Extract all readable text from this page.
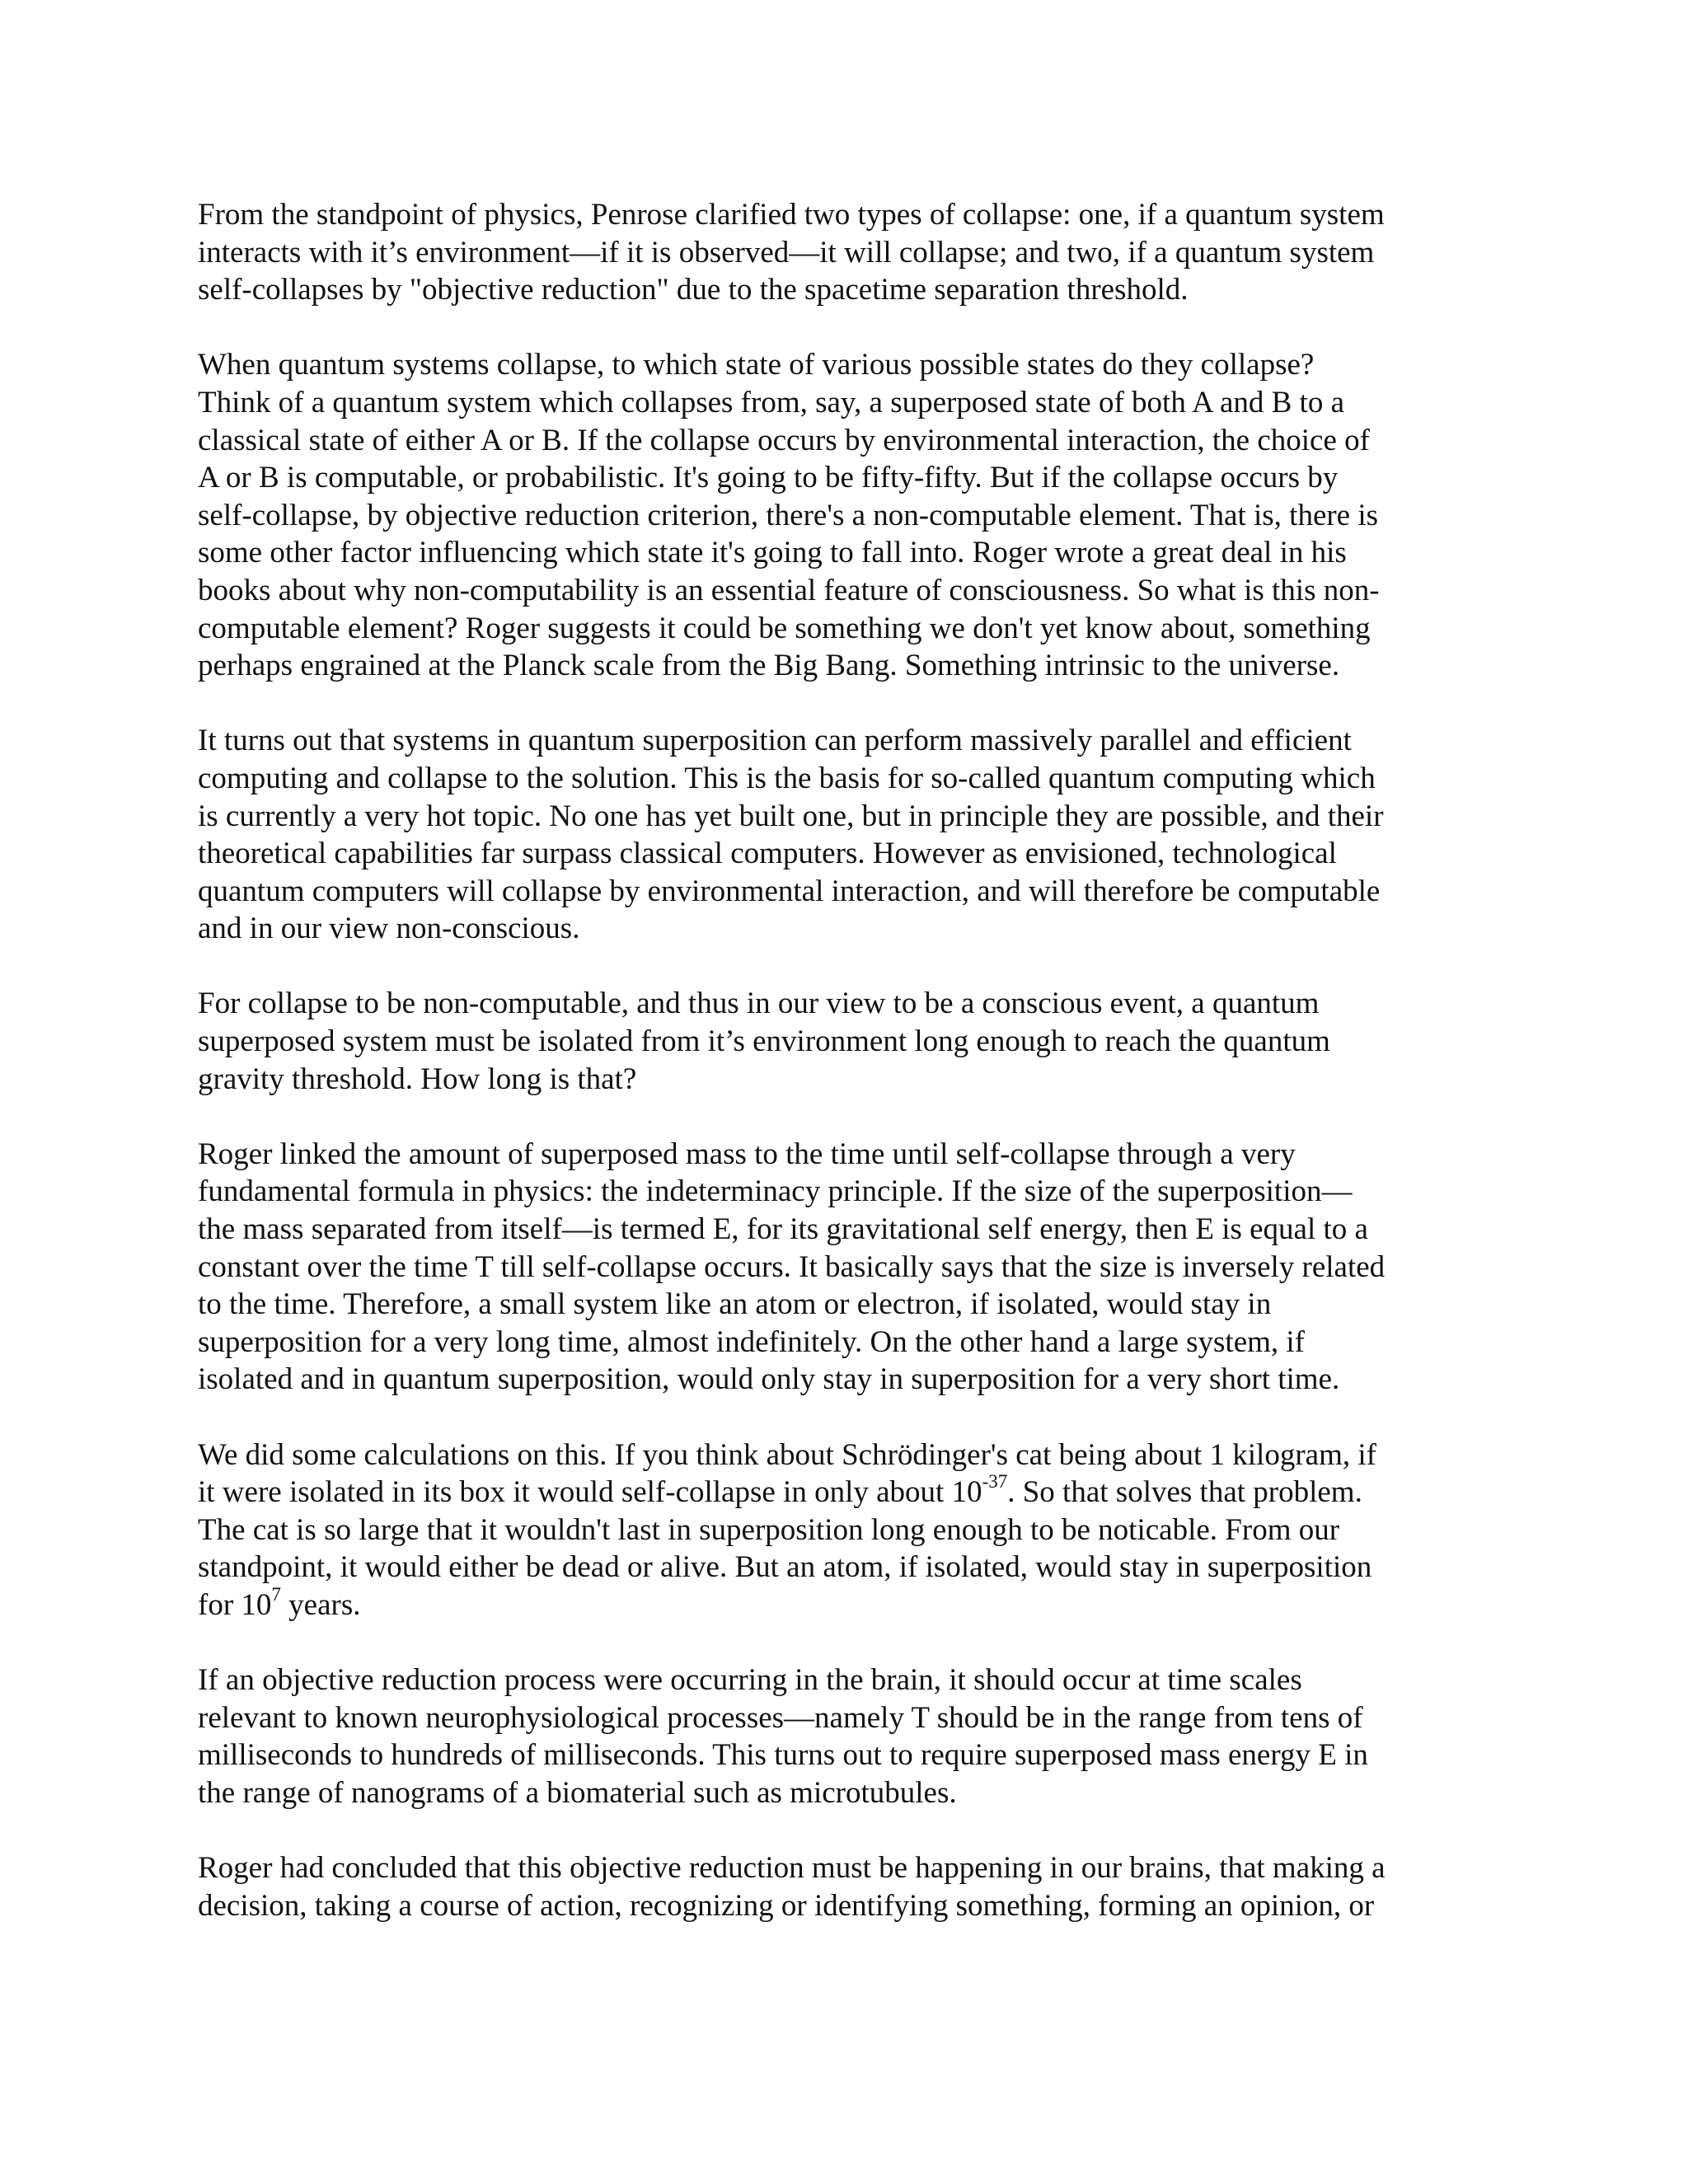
From the standpoint of physics, Penrose clarified two types of collapse: one, if a quantum system
interacts with it’s environment—if it is observed—it will collapse; and two, if a quantum system
self-collapses by "objective reduction" due to the spacetime separation threshold.

When quantum systems collapse, to which state of various possible states do they collapse?
Think of a quantum system which collapses from, say, a superposed state of both A and B to a
classical state of either A or B. If the collapse occurs by environmental interaction, the choice of
A or B is computable, or probabilistic. It's going to be fifty-fifty. But if the collapse occurs by
self-collapse, by objective reduction criterion, there's a non-computable element. That is, there is
some other factor influencing which state it's going to fall into. Roger wrote a great deal in his
books about why non-computability is an essential feature of consciousness. So what is this non-
computable element? Roger suggests it could be something we don't yet know about, something
perhaps engrained at the Planck scale from the Big Bang. Something intrinsic to the universe.

It turns out that systems in quantum superposition can perform massively parallel and efficient
computing and collapse to the solution. This is the basis for so-called quantum computing which
is currently a very hot topic. No one has yet built one, but in principle they are possible, and their
theoretical capabilities far surpass classical computers. However as envisioned, technological
quantum computers will collapse by environmental interaction, and will therefore be computable
and in our view non-conscious.

For collapse to be non-computable, and thus in our view to be a conscious event, a quantum
superposed system must be isolated from it’s environment long enough to reach the quantum
gravity threshold. How long is that?

Roger linked the amount of superposed mass to the time until self-collapse through a very
fundamental formula in physics: the indeterminacy principle. If the size of the superposition—
the mass separated from itself—is termed E, for its gravitational self energy, then E is equal to a
constant over the time T till self-collapse occurs. It basically says that the size is inversely related
to the time. Therefore, a small system like an atom or electron, if isolated, would stay in
superposition for a very long time, almost indefinitely. On the other hand a large system, if
isolated and in quantum superposition, would only stay in superposition for a very short time.

We did some calculations on this. If you think about Schrödinger's cat being about 1 kilogram, if
it were isolated in its box it would self-collapse in only about $10^{-37}$. So that solves that problem.
The cat is so large that it wouldn't last in superposition long enough to be noticable. From our
standpoint, it would either be dead or alive. But an atom, if isolated, would stay in superposition
for $10^7$ years.

If an objective reduction process were occurring in the brain, it should occur at time scales
relevant to known neurophysiological processes—namely T should be in the range from tens of
milliseconds to hundreds of milliseconds. This turns out to require superposed mass energy E in
the range of nanograms of a biomaterial such as microtubules.

Roger had concluded that this objective reduction must be happening in our brains, that making a
decision, taking a course of action, recognizing or identifying something, forming an opinion, or
